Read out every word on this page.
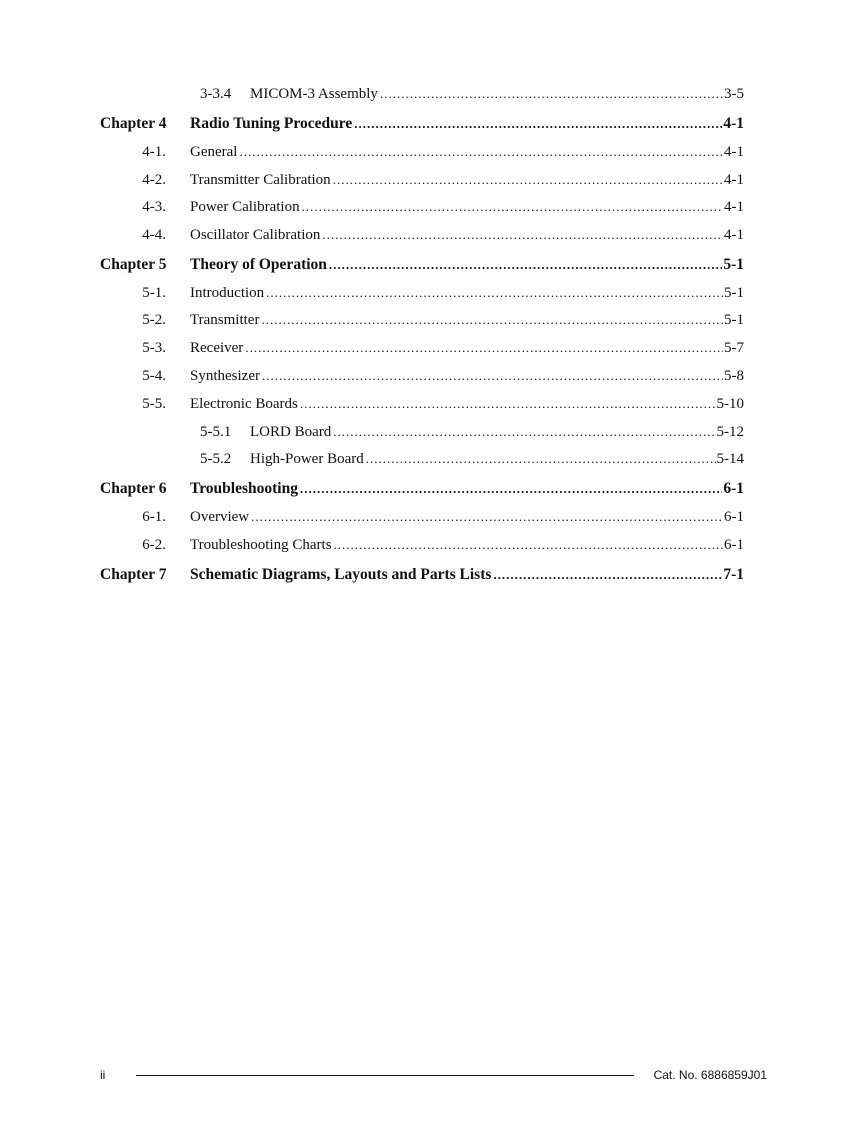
3-3.4 MICOM-3 Assembly .....	3-5
Chapter 4 Radio Tuning Procedure .....	4-1
4-1. General .....	4-1
4-2. Transmitter Calibration .....	4-1
4-3. Power Calibration .....	4-1
4-4. Oscillator Calibration .....	4-1
Chapter 5 Theory of Operation .....	5-1
5-1. Introduction .....	5-1
5-2. Transmitter .....	5-1
5-3. Receiver .....	5-7
5-4. Synthesizer .....	5-8
5-5. Electronic Boards .....	5-10
5-5.1 LORD Board .....	5-12
5-5.2 High-Power Board .....	5-14
Chapter 6 Troubleshooting .....	6-1
6-1. Overview .....	6-1
6-2. Troubleshooting Charts .....	6-1
Chapter 7 Schematic Diagrams, Layouts and Parts Lists .....	7-1
ii	Cat. No. 6886859J01
